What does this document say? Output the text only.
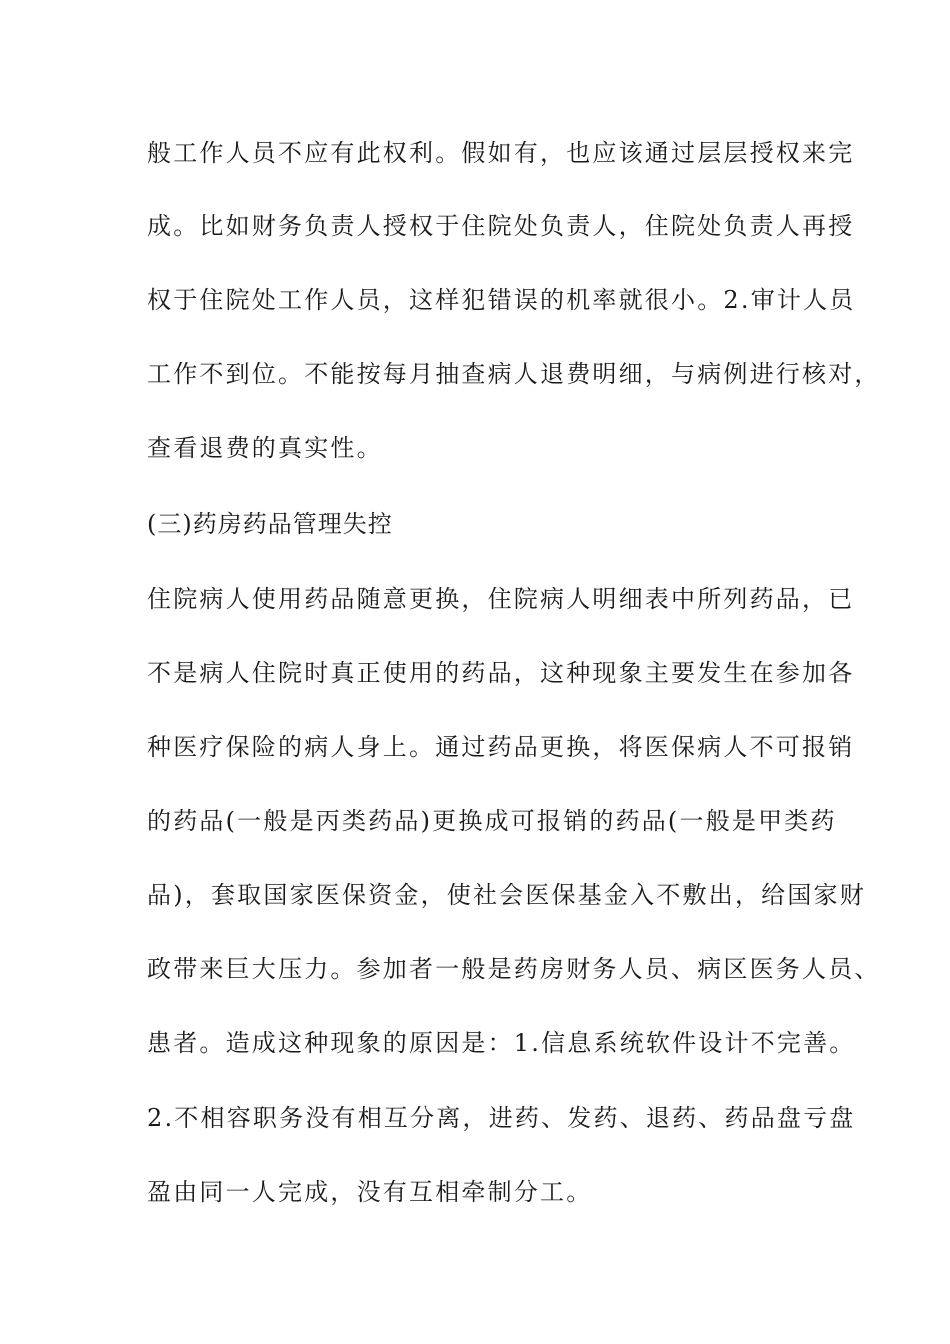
般工作人员不应有此权利。假如有，也应该通过层层授权来完
成。比如财务负责人授权于住院处负责人，住院处负责人再授
权于住院处工作人员，这样犯错误的机率就很小。2.审计人员
工作不到位。不能按每月抽查病人退费明细，与病例进行核对，
查看退费的真实性。
(三)药房药品管理失控
住院病人使用药品随意更换，住院病人明细表中所列药品，已
不是病人住院时真正使用的药品，这种现象主要发生在参加各
种医疗保险的病人身上。通过药品更换，将医保病人不可报销
的药品(一般是丙类药品)更换成可报销的药品(一般是甲类药
品)，套取国家医保资金，使社会医保基金入不敷出，给国家财
政带来巨大压力。参加者一般是药房财务人员、病区医务人员、
患者。造成这种现象的原因是：1.信息系统软件设计不完善。
2.不相容职务没有相互分离，进药、发药、退药、药品盘亏盘
盈由同一人完成，没有互相牵制分工。
